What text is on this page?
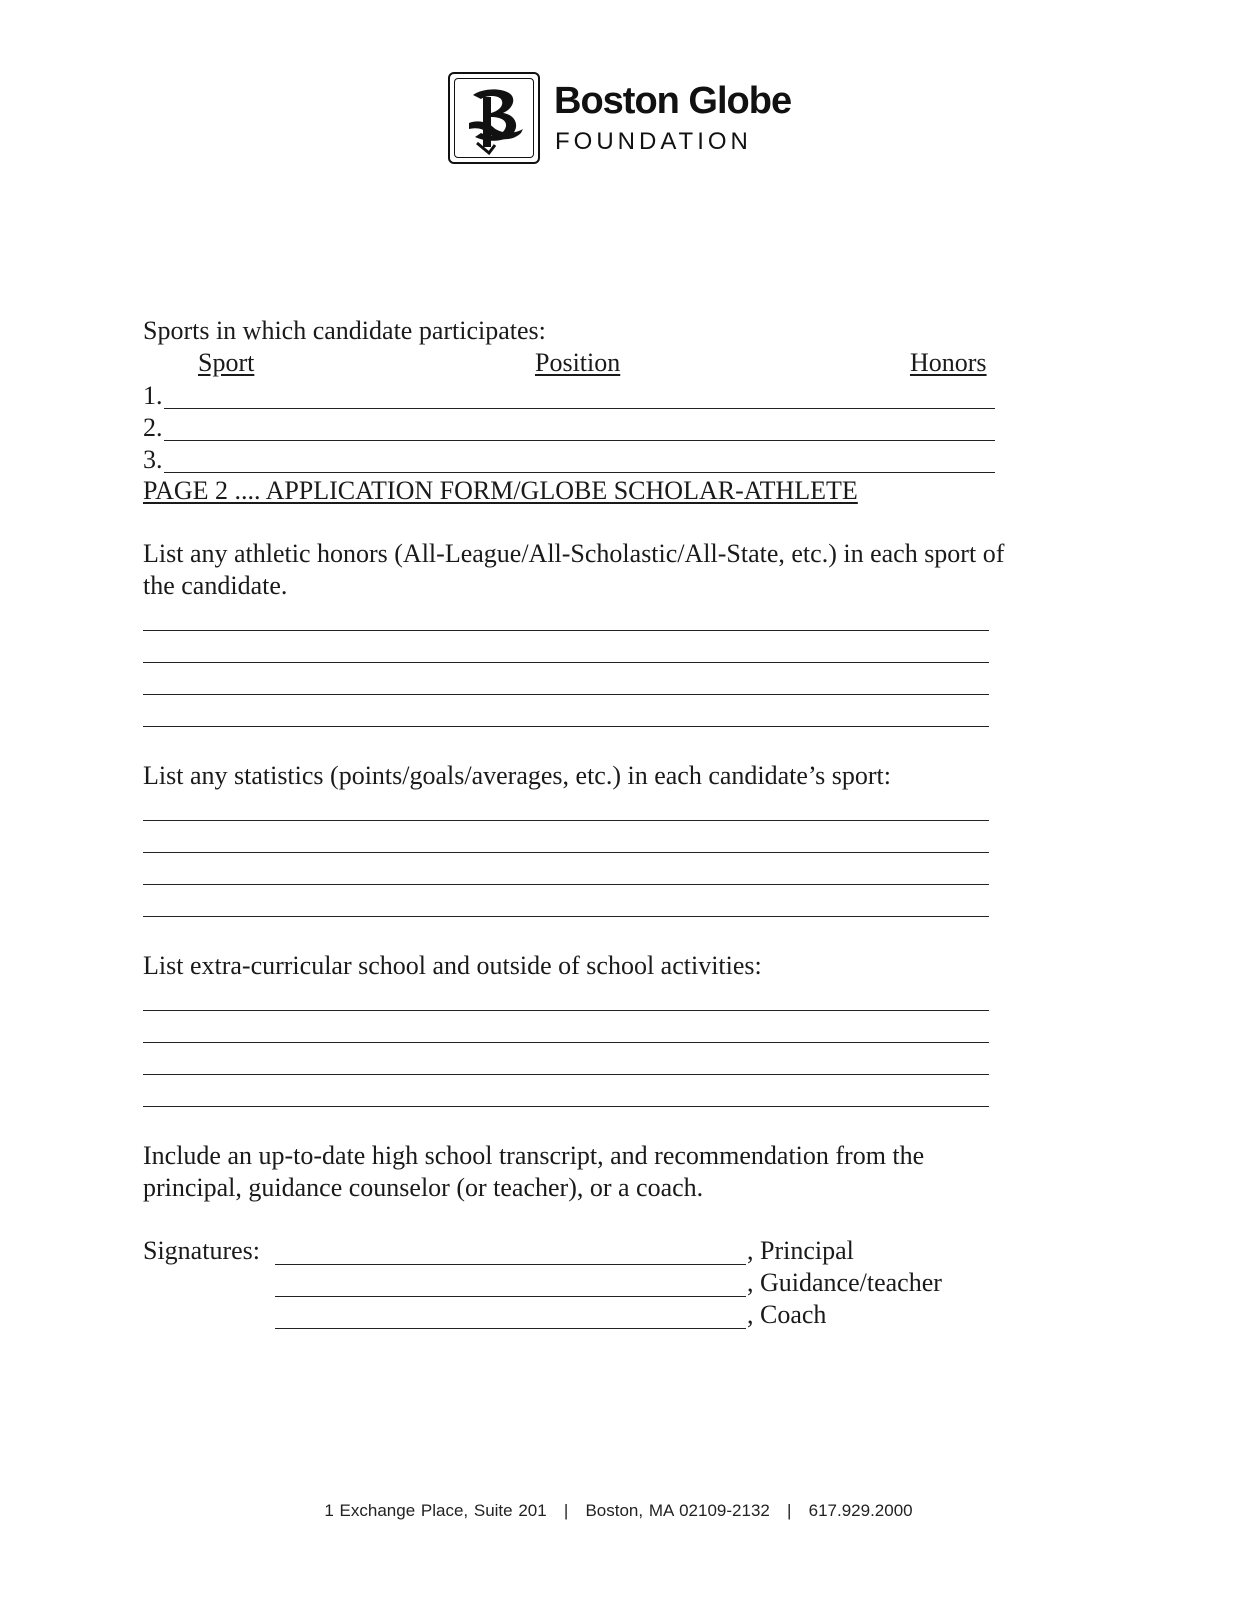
Boston Globe
FOUNDATION
Sports in which candidate participates:
Sport	Position	Honors
1.
2.
3.
PAGE 2 .... APPLICATION FORM/GLOBE SCHOLAR-ATHLETE
List any athletic honors (All-League/All-Scholastic/All-State, etc.) in each sport of
the candidate.
List any statistics (points/goals/averages, etc.) in each candidate’s sport:
List extra-curricular school and outside of school activities:
Include an up-to-date high school transcript, and recommendation from the
principal, guidance counselor (or teacher), or a coach.
Signatures:	, Principal
, Guidance/teacher
, Coach
1 Exchange Place, Suite 201   |   Boston, MA 02109-2132   |   617.929.2000
